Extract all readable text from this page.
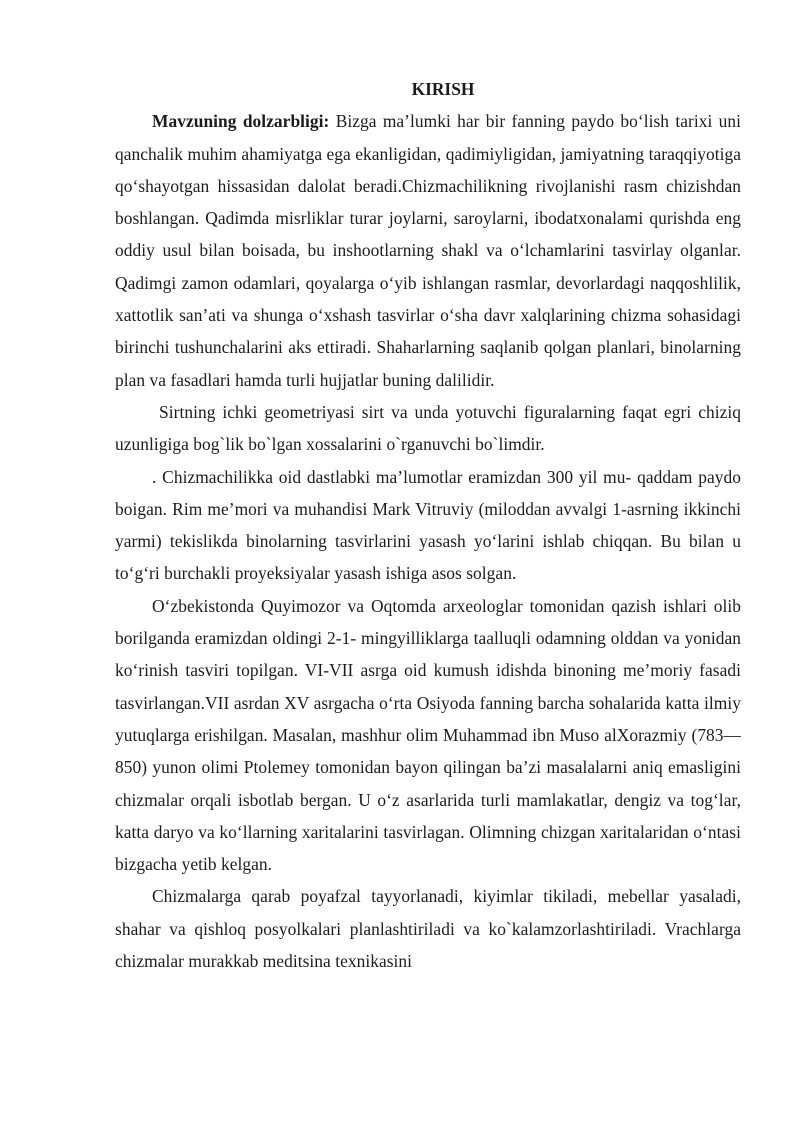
KIRISH

Mavzuning dolzarbligi: Bizga ma’lumki har bir fanning paydo bo‘lish tarixi uni qanchalik muhim ahamiyatga ega ekanligidan, qadimiyligidan, jamiyatning taraqqiyotiga qo‘shayotgan hissasidan dalolat beradi.Chizmachilikning rivojlanishi rasm chizishdan boshlangan. Qadimda misrliklar turar joylarni, saroylarni, ibodatxonalami qurishda eng oddiy usul bilan boisada, bu inshootlarning shakl va o‘lchamlarini tasvirlay olganlar. Qadimgi zamon odamlari, qoyalarga o‘yib ishlangan rasmlar, devorlardagi naqqoshlilik, xattotlik san’ati va shunga o‘xshash tasvirlar o‘sha davr xalqlarining chizma sohasidagi birinchi tushunchalarini aks ettiradi. Shaharlarning saqlanib qolgan planlari, binolarning plan va fasadlari hamda turli hujjatlar buning dalilidir.

Sirtning ichki geometriyasi sirt va unda yotuvchi figuralarning faqat egri chiziq uzunligiga bog`lik bo`lgan xossalarini o`rganuvchi bo`limdir.

. Chizmachilikka oid dastlabki ma’lumotlar eramizdan 300 yil mu- qaddam paydo boigan. Rim me’mori va muhandisi Mark Vitruviy (miloddan avvalgi 1-asrning ikkinchi yarmi) tekislikda binolarning tasvirlarini yasash yo‘larini ishlab chiqqan. Bu bilan u to‘g‘ri burchakli proyeksiyalar yasash ishiga asos solgan.

O‘zbekistonda Quyimozor va Oqtomda arxeologlar tomonidan qazish ishlari olib borilganda eramizdan oldingi 2-1- mingyilliklarga taalluqli odamning olddan va yonidan ko‘rinish tasviri topilgan. VI-VII asrga oid kumush idishda binoning me’moriy fasadi tasvirlangan.VII asrdan XV asrgacha o‘rta Osiyoda fanning barcha sohalarida katta ilmiy yutuqlarga erishilgan. Masalan, mashhur olim Muhammad ibn Muso alXorazmiy (783—850) yunon olimi Ptolemey tomonidan bayon qilingan ba’zi masalalarni aniq emasligini chizmalar orqali isbotlab bergan. U o‘z asarlarida turli mamlakatlar, dengiz va tog‘lar, katta daryo va ko‘llarning xaritalarini tasvirlagan. Olimning chizgan xaritalaridan o‘ntasi bizgacha yetib kelgan.

Chizmalarga qarab poyafzal tayyorlanadi, kiyimlar tikiladi, mebellar yasaladi, shahar va qishloq posyolkalari planlashtiriladi va ko`kalamzorlashtiriladi. Vrachlarga chizmalar murakkab meditsina texnikasini
